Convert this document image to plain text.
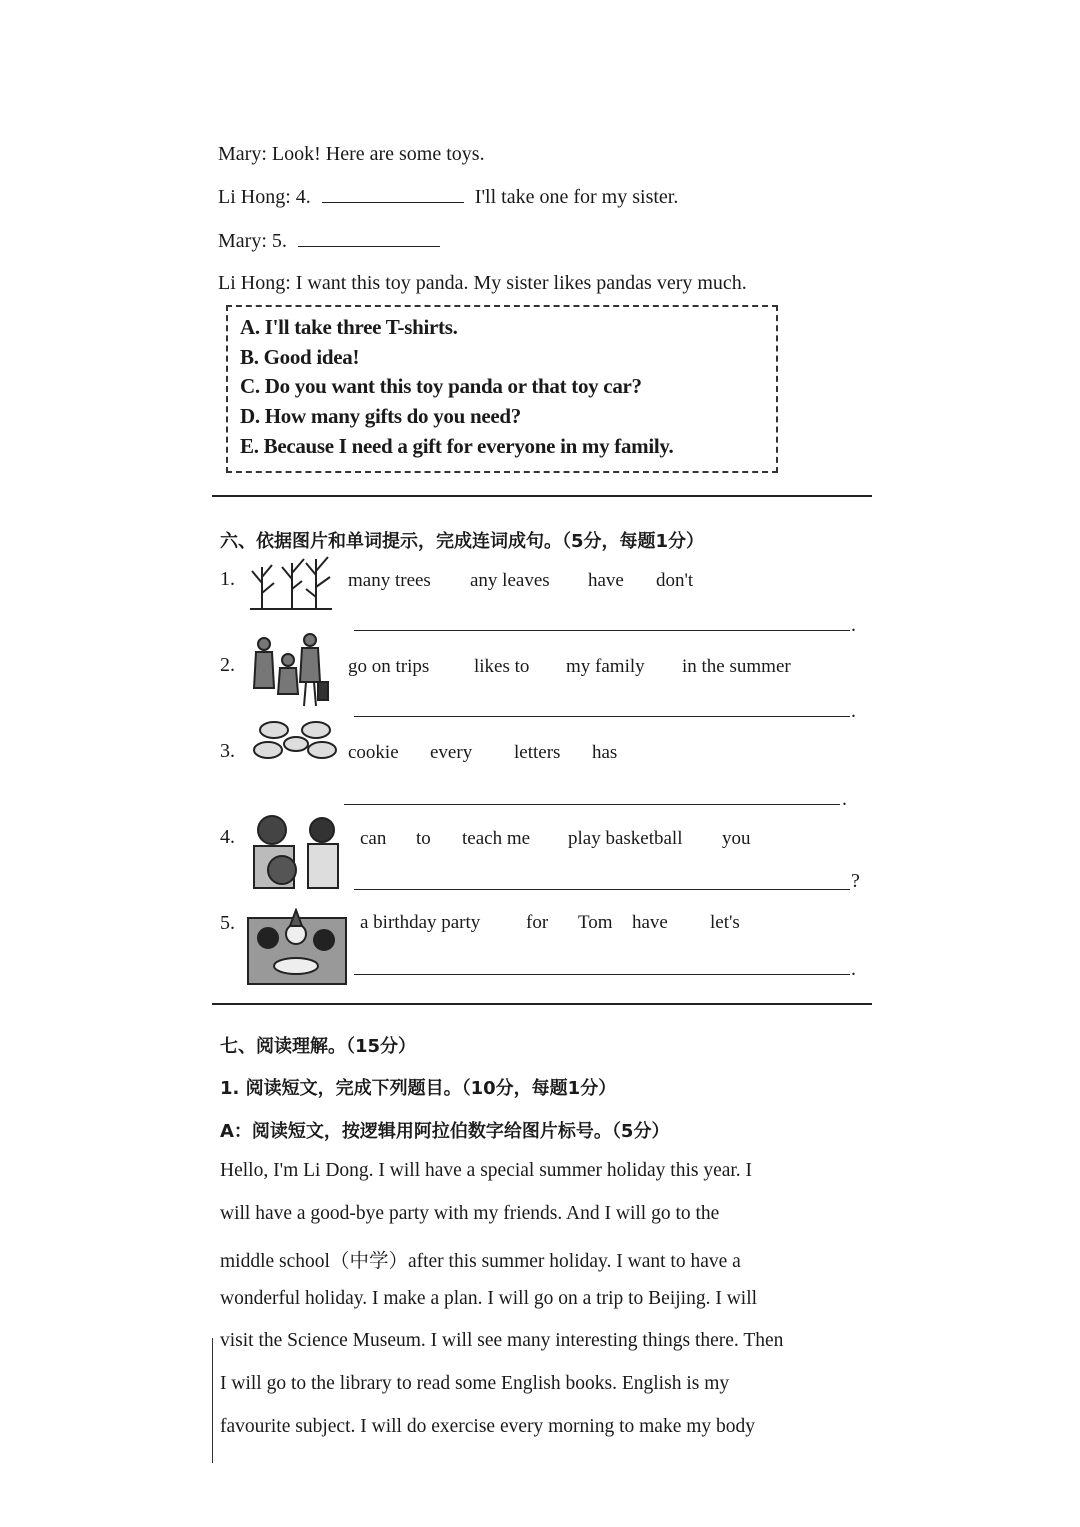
Mary: Look! Here are some toys.
Li Hong: 4.	I'll take one for my sister.
Mary: 5.
Li Hong: I want this toy panda. My sister likes pandas very much.
A. I'll take three T-shirts.
B. Good idea!
C. Do you want this toy panda or that toy car?
D. How many gifts do you need?
E. Because I need a gift for everyone in my family.
六、依据图片和单词提示，完成连词成句。（5分，每题1分）
1.	many trees any leaves have don't
.
2.	go on trips likes to my family in the summer
.
3.	cookie every letters has
.
4.	can to teach me play basketball you
?
5.	a birthday party for Tom have let's
.
七、阅读理解。（15分）
1. 阅读短文，完成下列题目。（10分，每题1分）
A：阅读短文，按逻辑用阿拉伯数字给图片标号。（5分）
Hello, I'm Li Dong. I will have a special summer holiday this year. I
will have a good-bye party with my friends. And I will go to the
middle school（中学）after this summer holiday. I want to have a
wonderful holiday. I make a plan. I will go on a trip to Beijing. I will
visit the Science Museum. I will see many interesting things there. Then
I will go to the library to read some English books. English is my
favourite subject. I will do exercise every morning to make my body
